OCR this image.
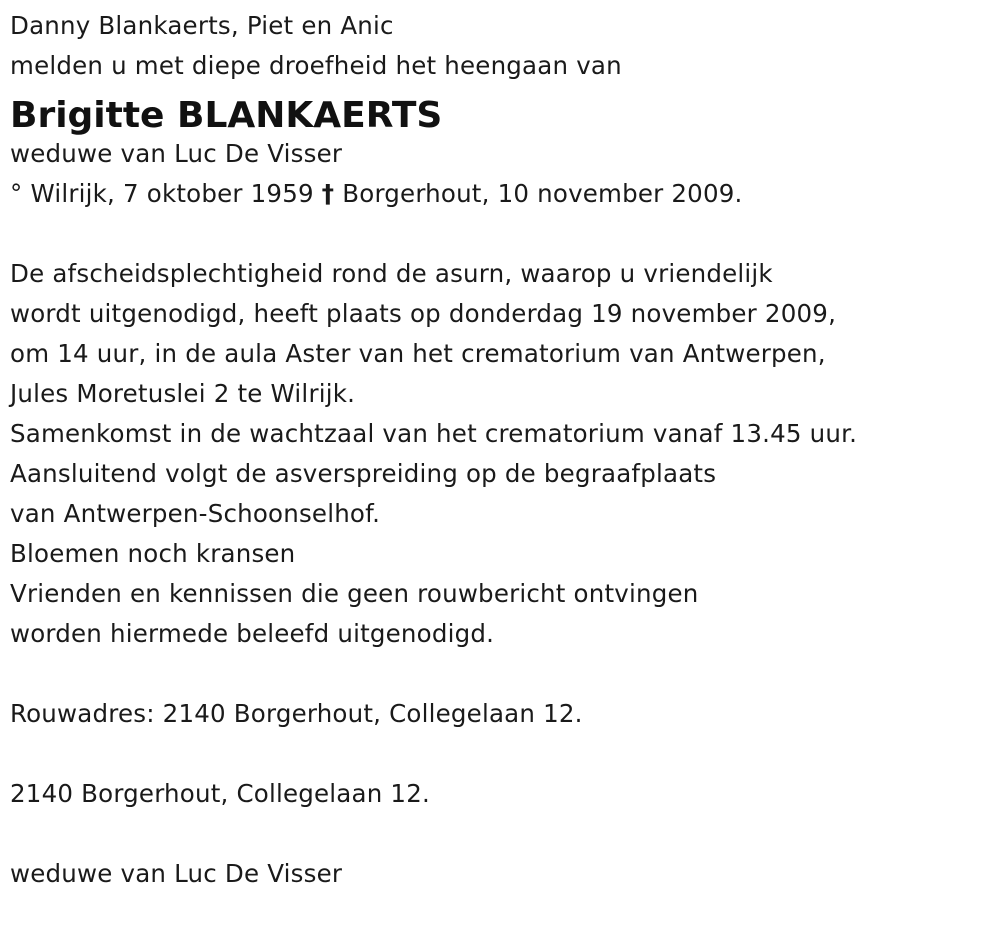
Danny Blankaerts, Piet en Anic
melden u met diepe droefheid het heengaan van
Brigitte BLANKAERTS
weduwe van Luc De Visser
° Wilrijk, 7 oktober 1959 † Borgerhout, 10 november 2009.
De afscheidsplechtigheid rond de asurn, waarop u vriendelijk
wordt uitgenodigd, heeft plaats op donderdag 19 november 2009,
om 14 uur, in de aula Aster van het crematorium van Antwerpen,
Jules Moretuslei 2 te Wilrijk.
Samenkomst in de wachtzaal van het crematorium vanaf 13.45 uur.
Aansluitend volgt de asverspreiding op de begraafplaats
van Antwerpen-Schoonselhof.
Bloemen noch kransen
Vrienden en kennissen die geen rouwbericht ontvingen
worden hiermede beleefd uitgenodigd.
Rouwadres: 2140 Borgerhout, Collegelaan 12.
2140 Borgerhout, Collegelaan 12.
weduwe van Luc De Visser
